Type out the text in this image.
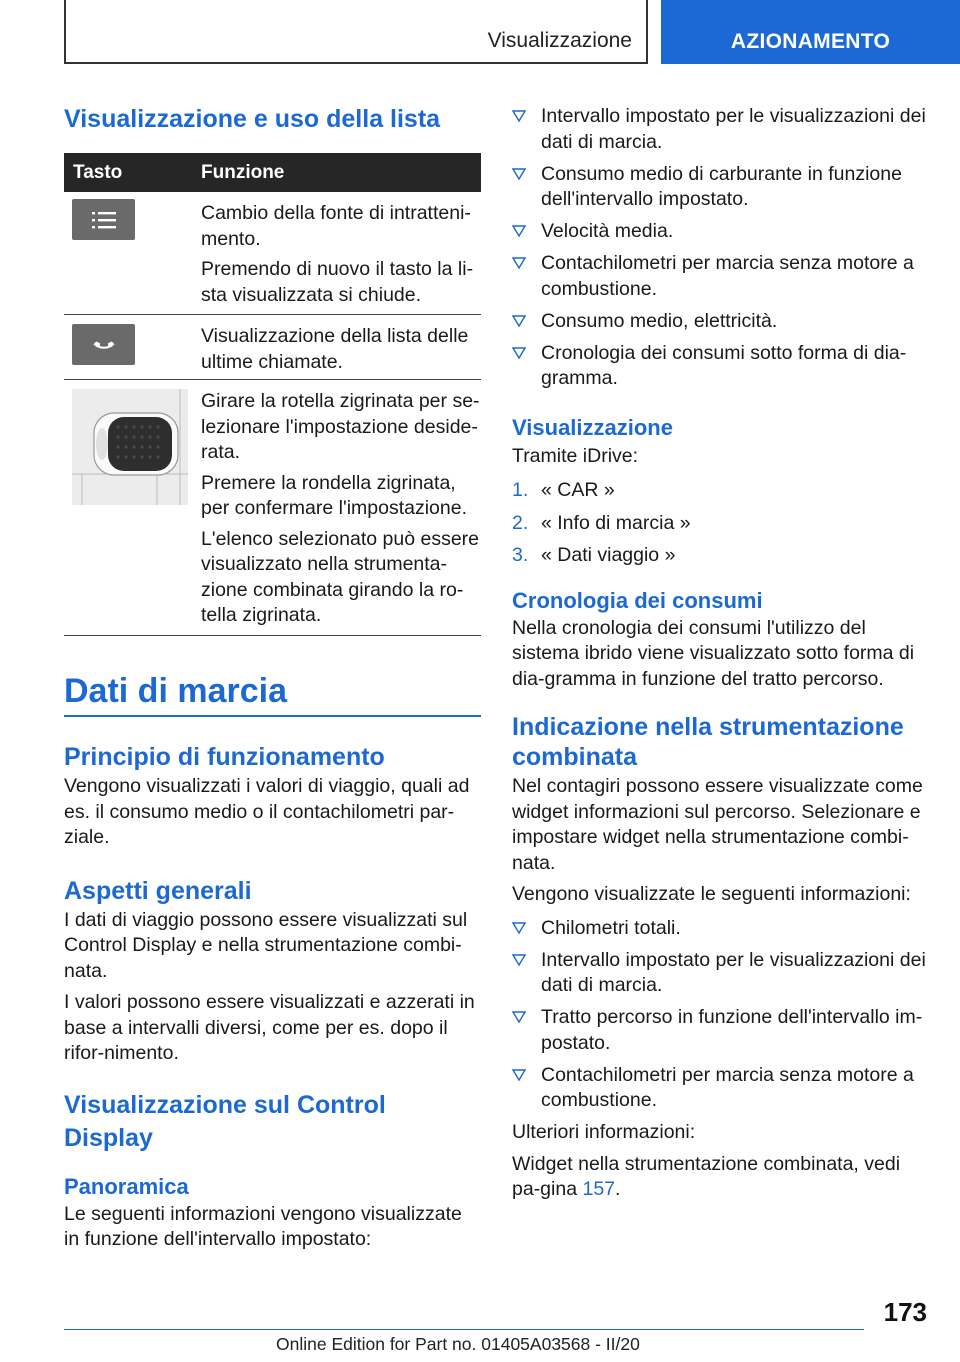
Visualizzazione	AZIONAMENTO
Visualizzazione e uso della lista
Tasto	Funzione

Cambio della fonte di intratteni-mento.

Premendo di nuovo il tasto la li-sta visualizzata si chiude.

Visualizzazione della lista delle ultime chiamate.

Girare la rotella zigrinata per se-lezionare l'impostazione deside-rata.

Premere la rondella zigrinata, per confermare l'impostazione.

L'elenco selezionato può essere visualizzato nella strumenta-zione combinata girando la ro-tella zigrinata.

Dati di marcia
Principio di funzionamento

Vengono visualizzati i valori di viaggio, quali ad es. il consumo medio o il contachilometri par-ziale.

Aspetti generali

I dati di viaggio possono essere visualizzati sul Control Display e nella strumentazione combi-nata.

I valori possono essere visualizzati e azzerati in base a intervalli diversi, come per es. dopo il rifor-nimento.

Visualizzazione sul Control Display
Panoramica

Le seguenti informazioni vengono visualizzate in funzione dell'intervallo impostato:

Intervallo impostato per le visualizzazioni dei dati di marcia.
Consumo medio di carburante in funzione dell'intervallo impostato.
Velocità media.
Contachilometri per marcia senza motore a combustione.
Consumo medio, elettricità.
Cronologia dei consumi sotto forma di dia-gramma.
Visualizzazione

Tramite iDrive:

1. « CAR »
2. « Info di marcia »
3. « Dati viaggio »
Cronologia dei consumi

Nella cronologia dei consumi l'utilizzo del sistema ibrido viene visualizzato sotto forma di dia-gramma in funzione del tratto percorso.

Indicazione nella strumentazione combinata

Nel contagiri possono essere visualizzate come widget informazioni sul percorso. Selezionare e impostare widget nella strumentazione combi-nata.

Vengono visualizzate le seguenti informazioni:

Chilometri totali.
Intervallo impostato per le visualizzazioni dei dati di marcia.
Tratto percorso in funzione dell'intervallo im-postato.
Contachilometri per marcia senza motore a combustione.

Ulteriori informazioni:

Widget nella strumentazione combinata, vedi pa-gina 157.

173
Online Edition for Part no. 01405A03568 - II/20
